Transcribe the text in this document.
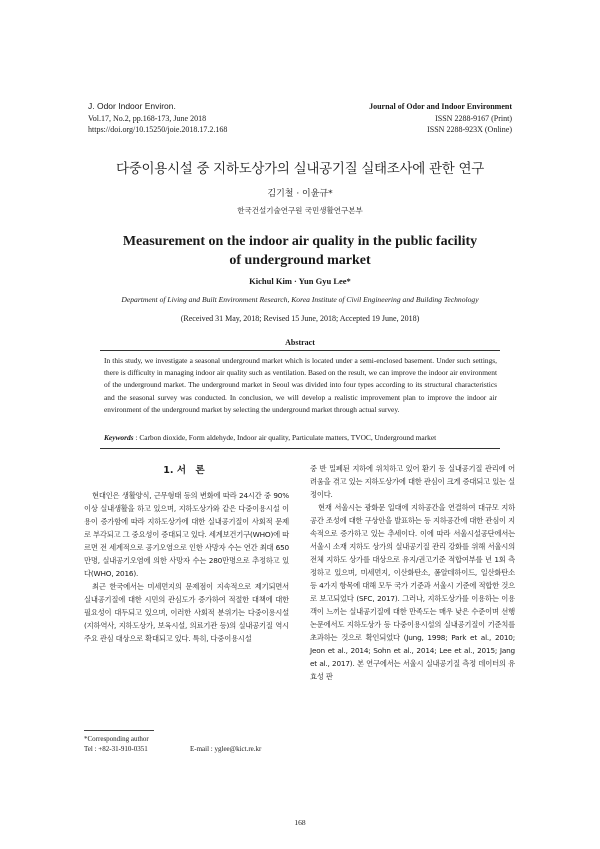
J. Odor Indoor Environ.
Vol.17, No.2, pp.168-173, June 2018
https://doi.org/10.15250/joie.2018.17.2.168
Journal of Odor and Indoor Environment
ISSN 2288-9167 (Print)
ISSN 2288-923X (Online)
다중이용시설 중 지하도상가의 실내공기질 실태조사에 관한 연구
김기철 · 이윤규*
한국건설기술연구원 국민생활연구본부
Measurement on the indoor air quality in the public facility
of underground market
Kichul Kim · Yun Gyu Lee*
Department of Living and Built Environment Research, Korea Institute of Civil Engineering and Building Technology
(Received 31 May, 2018; Revised 15 June, 2018; Accepted 19 June, 2018)
Abstract
In this study, we investigate a seasonal underground market which is located under a semi-enclosed basement. Under such settings, there is difficulty in managing indoor air quality such as ventilation. Based on the result, we can improve the indoor air environment of the underground market. The underground market in Seoul was divided into four types according to its structural characteristics and the seasonal survey was conducted. In conclusion, we will develop a realistic improvement plan to improve the indoor air environment of the underground market by selecting the underground market through actual survey.
Keywords : Carbon dioxide, Form aldehyde, Indoor air quality, Particulate matters, TVOC, Underground market
1. 서　론

현대인은 생활양식, 근무형태 등의 변화에 따라 24시간 중 90% 이상 실내생활을 하고 있으며, 지하도상가와 같은 다중이용시설 이용이 증가함에 따라 지하도상가에 대한 실내공기질이 사회적 문제로 부각되고 그 중요성이 증대되고 있다. 세계보건기구(WHO)에 따르면 전 세계적으로 공기오염으로 인한 사망자 수는 연간 최대 650만명, 실내공기오염에 의한 사망자 수는 280만명으로 추정하고 있다(WHO, 2016).

최근 한국에서는 미세먼지의 문제점이 지속적으로 제기되면서 실내공기질에 대한 시민의 관심도가 증가하여 적절한 대책에 대한 필요성이 대두되고 있으며, 이러한 사회적 분위기는 다중이용시설(지하역사, 지하도상가, 보육시설, 의료기관 등)의 실내공기질 역시 주요 관심 대상으로 확대되고 있다. 특히, 다중이용시설

중 반 밀폐된 지하에 위치하고 있어 환기 등 실내공기질 관리에 어려움을 겪고 있는 지하도상가에 대한 관심이 크게 증대되고 있는 실정이다.

현재 서울시는 광화문 일대에 지하공간을 연결하여 대규모 지하공간 조성에 대한 구상안을 발표하는 등 지하공간에 대한 관심이 지속적으로 증가하고 있는 추세이다. 이에 따라 서울시설공단에서는 서울시 소재 지하도 상가의 실내공기질 관리 강화를 위해 서울시의 전체 지하도 상가를 대상으로 유지/권고기준 적합여부를 년 1회 측정하고 있으며, 미세먼지, 이산화탄소, 폼알데하이드, 일산화탄소 등 4가지 항목에 대해 모두 국가 기준과 서울시 기준에 적합한 것으로 보고되었다 (SFC, 2017). 그러나, 지하도상가를 이용하는 이용객이 느끼는 실내공기질에 대한 만족도는 매우 낮은 수준이며 선행 논문에서도 지하도상가 등 다중이용시설의 실내공기질이 기준치를 초과하는 것으로 확인되었다 (Jung, 1998; Park et al., 2010; Jeon et al., 2014; Sohn et al., 2014; Lee et al., 2015; Jang et al., 2017). 본 연구에서는 서울시 실내공기질 측정 데이터의 유효성 판

*Corresponding author
Tel : +82-31-910-0351	E-mail : yglee@kict.re.kr
168
